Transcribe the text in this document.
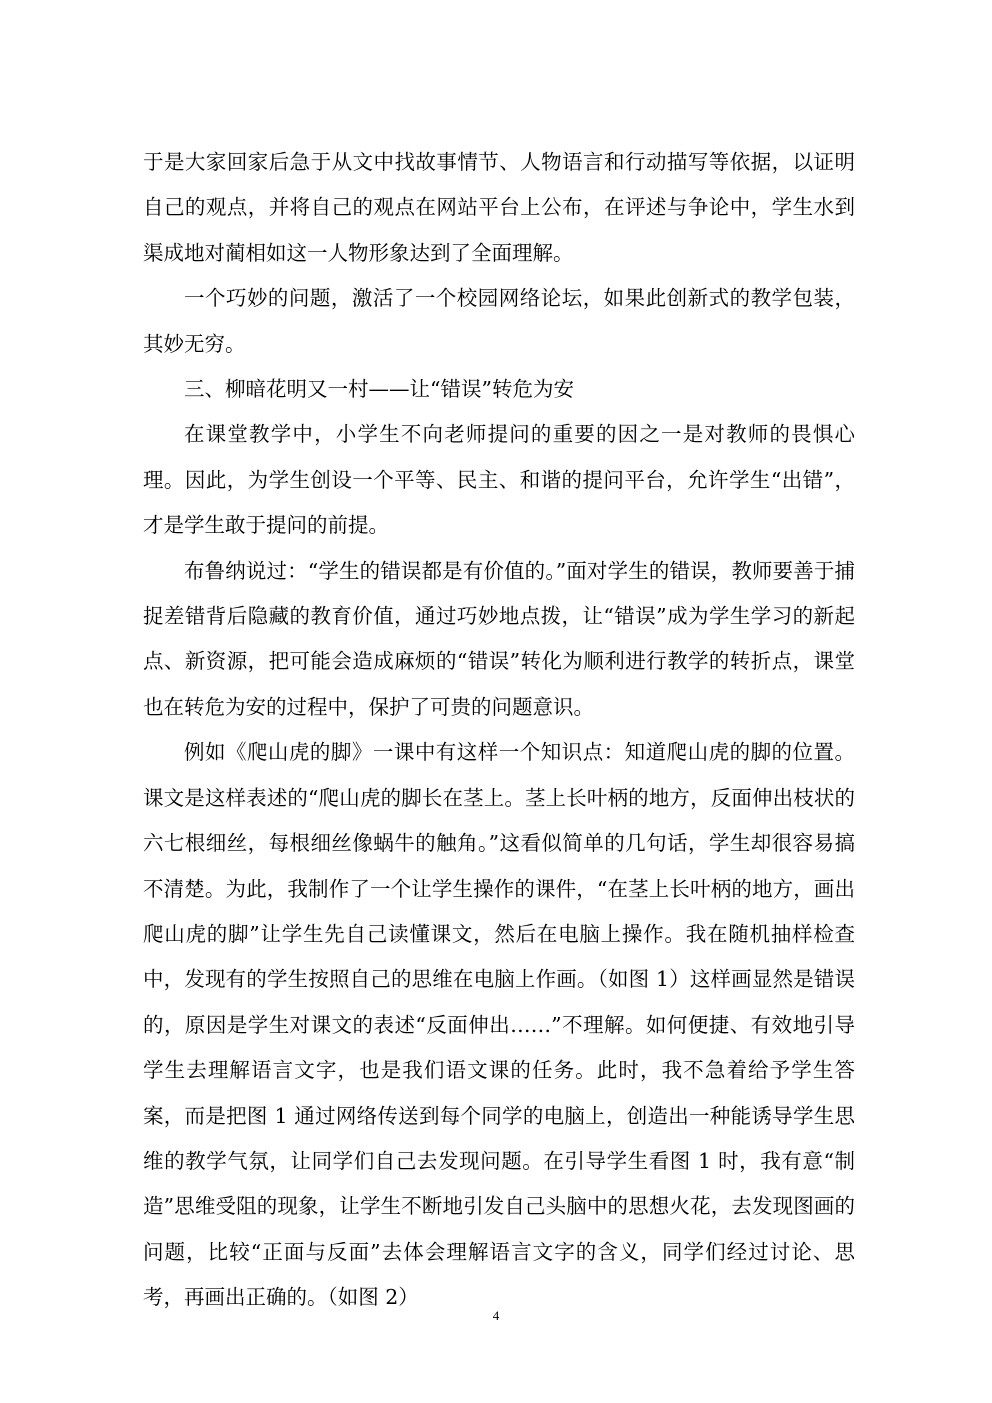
于是大家回家后急于从文中找故事情节、人物语言和行动描写等依据，以证明自己的观点，并将自己的观点在网站平台上公布，在评述与争论中，学生水到渠成地对蔺相如这一人物形象达到了全面理解。

一个巧妙的问题，激活了一个校园网络论坛，如果此创新式的教学包装，其妙无穷。

三、柳暗花明又一村——让“错误”转危为安

在课堂教学中，小学生不向老师提问的重要的因之一是对教师的畏惧心理。因此，为学生创设一个平等、民主、和谐的提问平台，允许学生“出错”，才是学生敢于提问的前提。

布鲁纳说过：“学生的错误都是有价值的。”面对学生的错误，教师要善于捕捉差错背后隐藏的教育价值，通过巧妙地点拨，让“错误”成为学生学习的新起点、新资源，把可能会造成麻烦的“错误”转化为顺利进行教学的转折点，课堂也在转危为安的过程中，保护了可贵的问题意识。

例如《爬山虎的脚》一课中有这样一个知识点：知道爬山虎的脚的位置。课文是这样表述的“爬山虎的脚长在茎上。茎上长叶柄的地方，反面伸出枝状的六七根细丝，每根细丝像蜗牛的触角。”这看似简单的几句话，学生却很容易搞不清楚。为此，我制作了一个让学生操作的课件，“在茎上长叶柄的地方，画出爬山虎的脚”让学生先自己读懂课文，然后在电脑上操作。我在随机抽样检查中，发现有的学生按照自己的思维在电脑上作画。（如图 1）这样画显然是错误的，原因是学生对课文的表述“反面伸出……”不理解。如何便捷、有效地引导学生去理解语言文字，也是我们语文课的任务。此时，我不急着给予学生答案，而是把图 1 通过网络传送到每个同学的电脑上，创造出一种能诱导学生思维的教学气氛，让同学们自己去发现问题。在引导学生看图 1 时，我有意“制造”思维受阻的现象，让学生不断地引发自己头脑中的思想火花，去发现图画的问题，比较“正面与反面”去体会理解语言文字的含义，同学们经过讨论、思考，再画出正确的。（如图 2）

4
